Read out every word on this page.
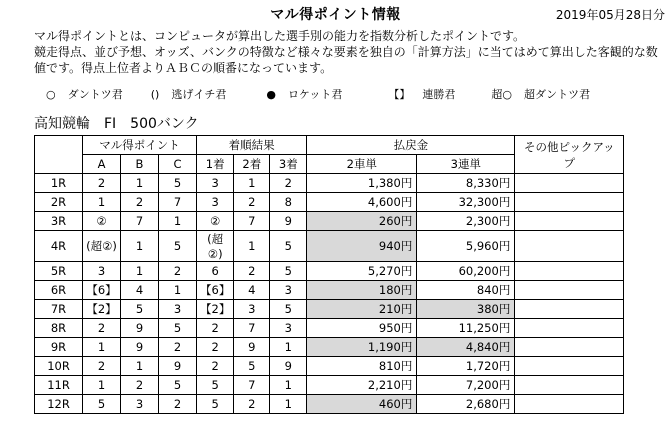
マル得ポイント情報	2019年05月28日分
マル得ポイントとは、コンピュータが算出した選手別の能力を指数分析したポイントです。
競走得点、並び予想、オッズ、バンクの特徴など様々な要素を独自の「計算方法」に当てはめて算出した客観的な数
値です。得点上位者よりＡＢＣの順番になっています。
○ ダントツ君	() 逃げイチ君	● ロケット君	【】 連勝君	超○ 超ダントツ君
高知競輪　FI　500バンク
	マル得ポイント			着順結果			払戻金		その他ピックアップ
	A	B	C	1着	2着	3着	2車単	3連単	
1R	2	1	5	3	1	2	1,380円	8,330円	
2R	1	2	7	3	2	8	4,600円	32,300円	
3R	②	7	1	②	7	9	260円	2,300円	
4R	(超②)	1	5	(超②)	1	5	940円	5,960円	
5R	3	1	2	6	2	5	5,270円	60,200円	
6R	【6】	4	1	【6】	4	3	180円	840円	
7R	【2】	5	3	【2】	3	5	210円	380円	
8R	2	9	5	2	7	3	950円	11,250円	
9R	1	9	2	2	9	1	1,190円	4,840円	
10R	2	1	9	2	5	9	810円	1,720円	
11R	1	2	5	5	7	1	2,210円	7,200円	
12R	5	3	2	5	2	1	460円	2,680円	
